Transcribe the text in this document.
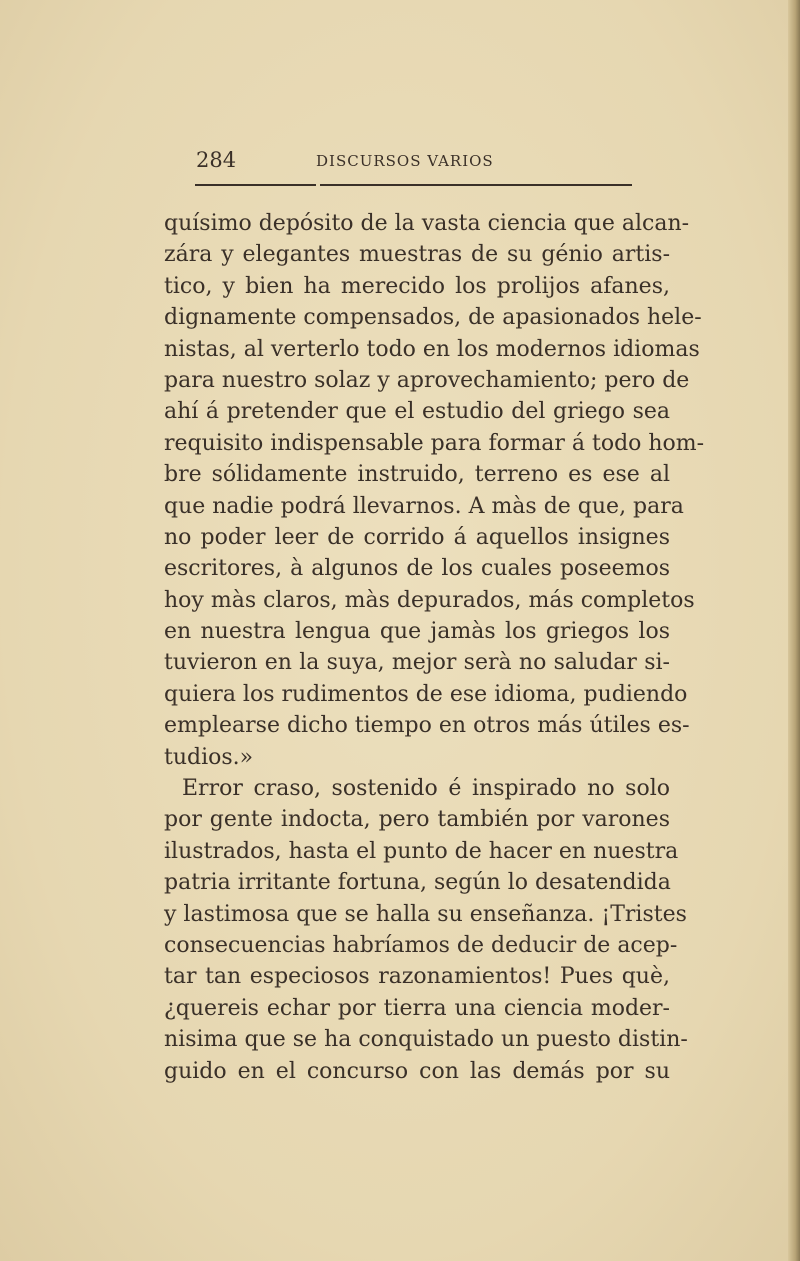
284	DISCURSOS VARIOS
quísimo depósito de la vasta ciencia que alcan-
zára y elegantes muestras de su génio artis-
tico, y bien ha merecido los prolijos afanes,
dignamente compensados, de apasionados hele-
nistas, al verterlo todo en los modernos idiomas
para nuestro solaz y aprovechamiento; pero de
ahí á pretender que el estudio del griego sea
requisito indispensable para formar á todo hom-
bre sólidamente instruido, terreno es ese al
que nadie podrá llevarnos. A màs de que, para
no poder leer de corrido á aquellos insignes
escritores, à algunos de los cuales poseemos
hoy màs claros, màs depurados, más completos
en nuestra lengua que jamàs los griegos los
tuvieron en la suya, mejor serà no saludar si-
quiera los rudimentos de ese idioma, pudiendo
emplearse dicho tiempo en otros más útiles es-
tudios.»
Error craso, sostenido é inspirado no solo
por gente indocta, pero también por varones
ilustrados, hasta el punto de hacer en nuestra
patria irritante fortuna, según lo desatendida
y lastimosa que se halla su enseñanza. ¡Tristes
consecuencias habríamos de deducir de acep-
tar tan especiosos razonamientos! Pues què,
¿quereis echar por tierra una ciencia moder-
nisima que se ha conquistado un puesto distin-
guido en el concurso con las demás por su
